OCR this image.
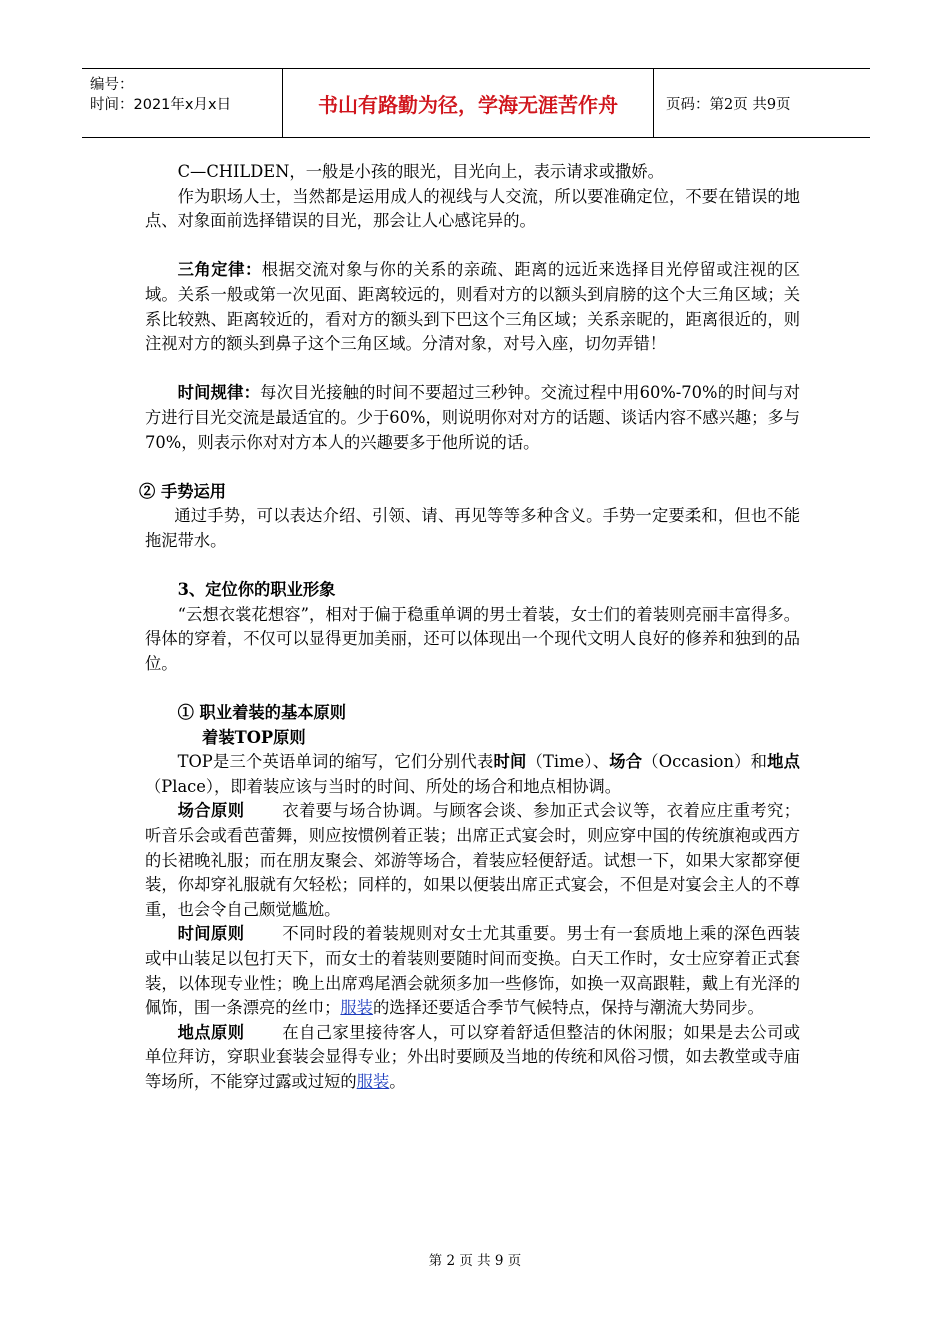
编号：
时间：2021年x月x日	书山有路勤为径，学海无涯苦作舟	页码：第2页 共9页

C—CHILDEN，一般是小孩的眼光，目光向上，表示请求或撒娇。

作为职场人士，当然都是运用成人的视线与人交流，所以要准确定位，不要在错误的地点、对象面前选择错误的目光，那会让人心感诧异的。

三角定律：根据交流对象与你的关系的亲疏、距离的远近来选择目光停留或注视的区域。关系一般或第一次见面、距离较远的，则看对方的以额头到肩膀的这个大三角区域；关系比较熟、距离较近的，看对方的额头到下巴这个三角区域；关系亲昵的，距离很近的，则注视对方的额头到鼻子这个三角区域。分清对象，对号入座，切勿弄错！

时间规律：每次目光接触的时间不要超过三秒钟。交流过程中用60%-70%的时间与对方进行目光交流是最适宜的。少于60%，则说明你对对方的话题、谈话内容不感兴趣；多与70%，则表示你对对方本人的兴趣要多于他所说的话。

② 手势运用

通过手势，可以表达介绍、引领、请、再见等等多种含义。手势一定要柔和，但也不能拖泥带水。

3、定位你的职业形象

“云想衣裳花想容”，相对于偏于稳重单调的男士着装，女士们的着装则亮丽丰富得多。得体的穿着，不仅可以显得更加美丽，还可以体现出一个现代文明人良好的修养和独到的品位。

① 职业着装的基本原则

着装TOP原则

TOP是三个英语单词的缩写，它们分别代表时间（Time）、场合（Occasion）和地点（Place），即着装应该与当时的时间、所处的场合和地点相协调。

场合原则 衣着要与场合协调。与顾客会谈、参加正式会议等，衣着应庄重考究；听音乐会或看芭蕾舞，则应按惯例着正装；出席正式宴会时，则应穿中国的传统旗袍或西方的长裙晚礼服；而在朋友聚会、郊游等场合，着装应轻便舒适。试想一下，如果大家都穿便装，你却穿礼服就有欠轻松；同样的，如果以便装出席正式宴会，不但是对宴会主人的不尊重，也会令自己颇觉尴尬。

时间原则 不同时段的着装规则对女士尤其重要。男士有一套质地上乘的深色西装或中山装足以包打天下，而女士的着装则要随时间而变换。白天工作时，女士应穿着正式套装，以体现专业性；晚上出席鸡尾酒会就须多加一些修饰，如换一双高跟鞋，戴上有光泽的佩饰，围一条漂亮的丝巾；服装的选择还要适合季节气候特点，保持与潮流大势同步。

地点原则 在自己家里接待客人，可以穿着舒适但整洁的休闲服；如果是去公司或单位拜访，穿职业套装会显得专业；外出时要顾及当地的传统和风俗习惯，如去教堂或寺庙等场所，不能穿过露或过短的服装。

第 2 页 共 9 页
